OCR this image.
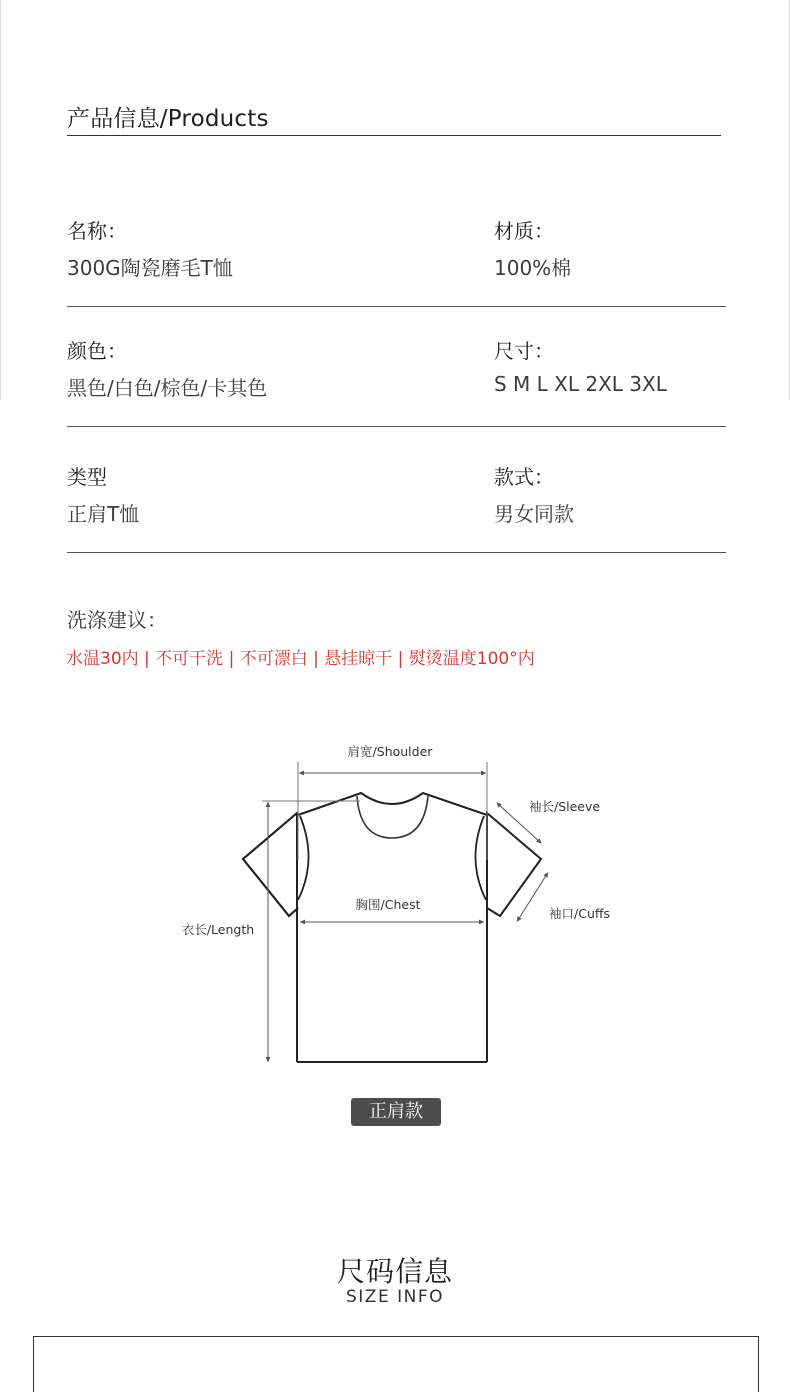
产品信息/Products
名称：
300G陶瓷磨毛T恤
材质：
100%棉
颜色：
黑色/白色/棕色/卡其色
尺寸：
S M L XL 2XL 3XL
类型
正肩T恤
款式：
男女同款
洗涤建议：
水温30内 | 不可干洗 | 不可漂白 | 悬挂晾干 | 熨烫温度100°内
肩宽/Shoulder
衣长/Length
胸围/Chest
袖长/Sleeve
袖口/Cuffs
正肩款
尺码信息
SIZE INFO
